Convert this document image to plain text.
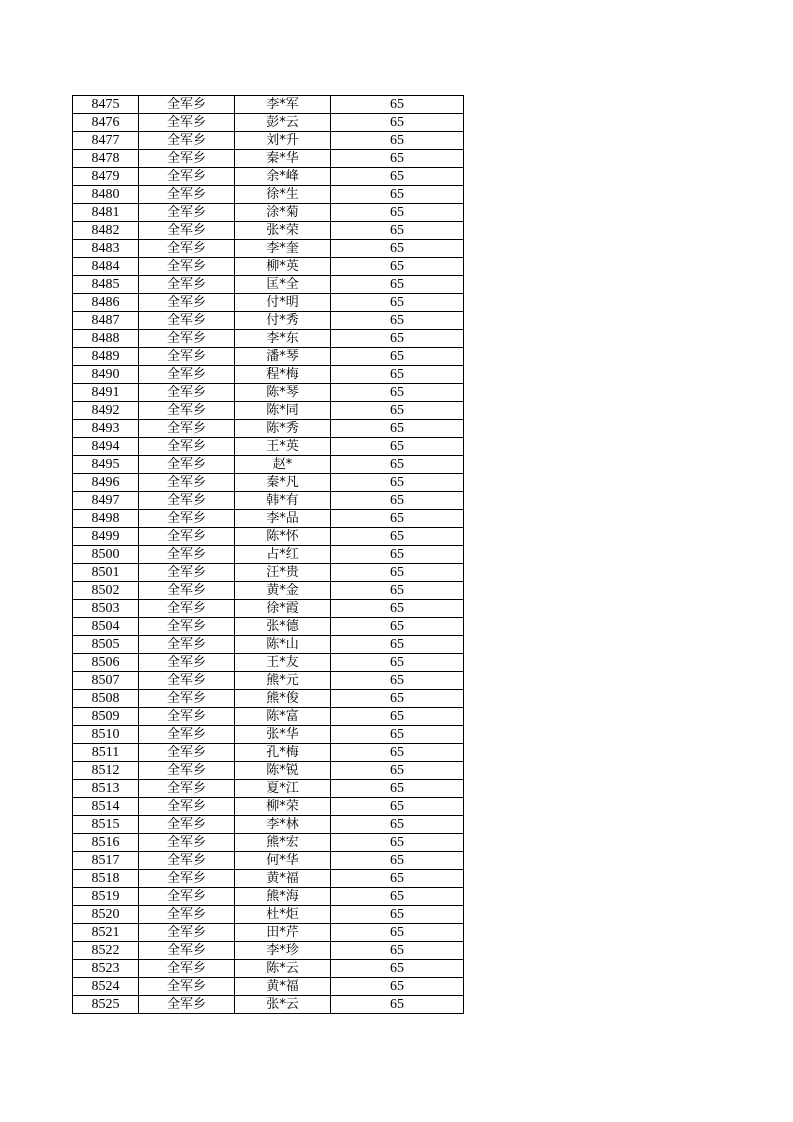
8475	全军乡	李*军	65
8476	全军乡	彭*云	65
8477	全军乡	刘*升	65
8478	全军乡	秦*华	65
8479	全军乡	余*峰	65
8480	全军乡	徐*生	65
8481	全军乡	涂*菊	65
8482	全军乡	张*荣	65
8483	全军乡	李*奎	65
8484	全军乡	柳*英	65
8485	全军乡	匡*全	65
8486	全军乡	付*明	65
8487	全军乡	付*秀	65
8488	全军乡	李*东	65
8489	全军乡	潘*琴	65
8490	全军乡	程*梅	65
8491	全军乡	陈*琴	65
8492	全军乡	陈*同	65
8493	全军乡	陈*秀	65
8494	全军乡	王*英	65
8495	全军乡	赵*	65
8496	全军乡	秦*凡	65
8497	全军乡	韩*有	65
8498	全军乡	李*品	65
8499	全军乡	陈*怀	65
8500	全军乡	占*红	65
8501	全军乡	汪*贵	65
8502	全军乡	黄*金	65
8503	全军乡	徐*霞	65
8504	全军乡	张*德	65
8505	全军乡	陈*山	65
8506	全军乡	王*友	65
8507	全军乡	熊*元	65
8508	全军乡	熊*俊	65
8509	全军乡	陈*富	65
8510	全军乡	张*华	65
8511	全军乡	孔*梅	65
8512	全军乡	陈*锐	65
8513	全军乡	夏*江	65
8514	全军乡	柳*荣	65
8515	全军乡	李*林	65
8516	全军乡	熊*宏	65
8517	全军乡	何*华	65
8518	全军乡	黄*福	65
8519	全军乡	熊*海	65
8520	全军乡	杜*炬	65
8521	全军乡	田*芹	65
8522	全军乡	李*珍	65
8523	全军乡	陈*云	65
8524	全军乡	黄*福	65
8525	全军乡	张*云	65
